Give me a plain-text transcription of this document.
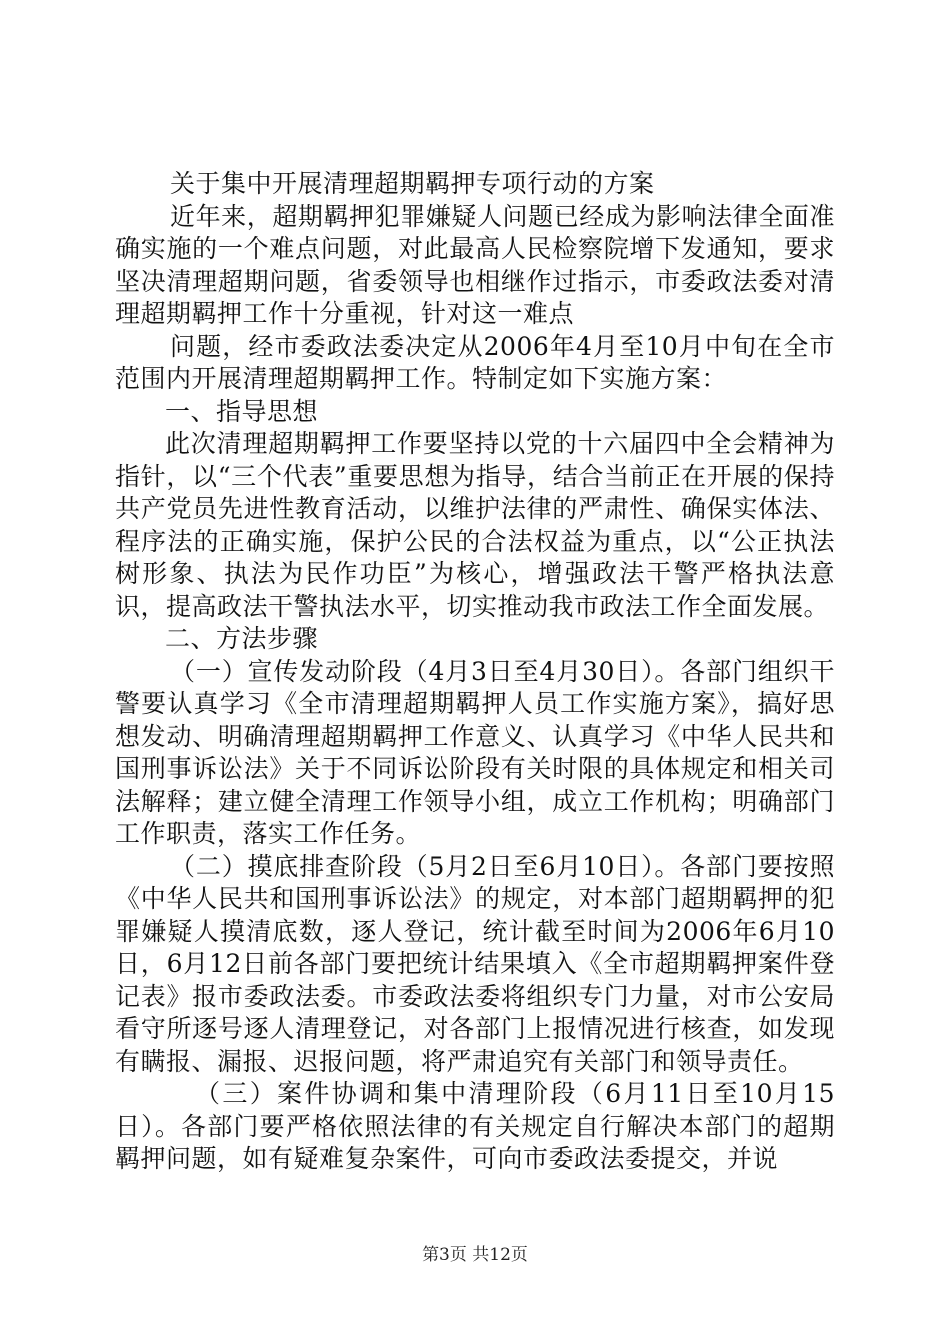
关于集中开展清理超期羁押专项行动的方案

近年来，超期羁押犯罪嫌疑人问题已经成为影响法律全面准确实施的一个难点问题，对此最高人民检察院增下发通知，要求坚决清理超期问题，省委领导也相继作过指示，市委政法委对清理超期羁押工作十分重视，针对这一难点

问题，经市委政法委决定从2006年4月至10月中旬在全市范围内开展清理超期羁押工作。特制定如下实施方案：

一、指导思想

此次清理超期羁押工作要坚持以党的十六届四中全会精神为指针，以“三个代表”重要思想为指导，结合当前正在开展的保持共产党员先进性教育活动，以维护法律的严肃性、确保实体法、程序法的正确实施，保护公民的合法权益为重点，以“公正执法树形象、执法为民作功臣”为核心，增强政法干警严格执法意识，提高政法干警执法水平，切实推动我市政法工作全面发展。

二、方法步骤

（一）宣传发动阶段（4月3日至4月30日）。各部门组织干警要认真学习《全市清理超期羁押人员工作实施方案》，搞好思想发动、明确清理超期羁押工作意义、认真学习《中华人民共和国刑事诉讼法》关于不同诉讼阶段有关时限的具体规定和相关司法解释；建立健全清理工作领导小组，成立工作机构；明确部门工作职责，落实工作任务。

（二）摸底排查阶段（5月2日至6月10日）。各部门要按照《中华人民共和国刑事诉讼法》的规定，对本部门超期羁押的犯罪嫌疑人摸清底数，逐人登记，统计截至时间为2006年6月10日，6月12日前各部门要把统计结果填入《全市超期羁押案件登记表》报市委政法委。市委政法委将组织专门力量，对市公安局看守所逐号逐人清理登记，对各部门上报情况进行核查，如发现有瞒报、漏报、迟报问题，将严肃追究有关部门和领导责任。

（三）案件协调和集中清理阶段（6月11日至10月15日）。各部门要严格依照法律的有关规定自行解决本部门的超期羁押问题，如有疑难复杂案件，可向市委政法委提交，并说

第3页 共12页
